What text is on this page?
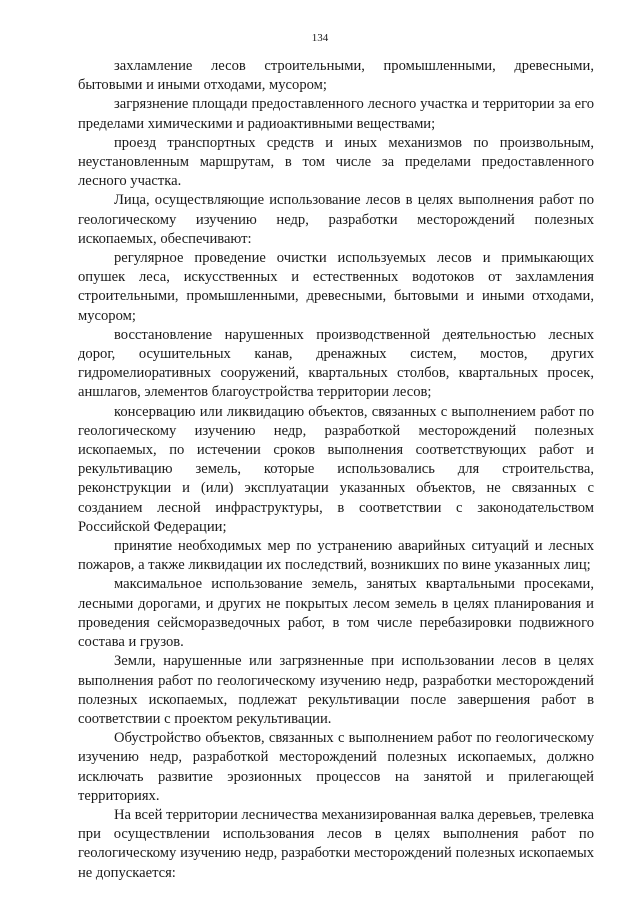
134

захламление лесов строительными, промышленными, древесными, бытовыми и иными отходами, мусором;

загрязнение площади предоставленного лесного участка и территории за его пределами химическими и радиоактивными веществами;

проезд транспортных средств и иных механизмов по произвольным, неустановленным маршрутам, в том числе за пределами предоставленного лесного участка.

Лица, осуществляющие использование лесов в целях выполнения работ по геологическому изучению недр, разработки месторождений полезных ископаемых, обеспечивают:

регулярное проведение очистки используемых лесов и примыкающих опушек леса, искусственных и естественных водотоков от захламления строительными, промышленными, древесными, бытовыми и иными отходами, мусором;

восстановление нарушенных производственной деятельностью лесных дорог, осушительных канав, дренажных систем, мостов, других гидромелиоративных сооружений, квартальных столбов, квартальных просек, аншлагов, элементов благоустройства территории лесов;

консервацию или ликвидацию объектов, связанных с выполнением работ по геологическому изучению недр, разработкой месторождений полезных ископаемых, по истечении сроков выполнения соответствующих работ и рекультивацию земель, которые использовались для строительства, реконструкции и (или) эксплуатации указанных объектов, не связанных с созданием лесной инфраструктуры, в соответствии с законодательством Российской Федерации;

принятие необходимых мер по устранению аварийных ситуаций и лесных пожаров, а также ликвидации их последствий, возникших по вине указанных лиц;

максимальное использование земель, занятых квартальными просеками, лесными дорогами, и других не покрытых лесом земель в целях планирования и проведения сейсморазведочных работ, в том числе перебазировки подвижного состава и грузов.

Земли, нарушенные или загрязненные при использовании лесов в целях выполнения работ по геологическому изучению недр, разработки месторождений полезных ископаемых, подлежат рекультивации после завершения работ в соответствии с проектом рекультивации.

Обустройство объектов, связанных с выполнением работ по геологическому изучению недр, разработкой месторождений полезных ископаемых, должно исключать развитие эрозионных процессов на занятой и прилегающей территориях.

На всей территории лесничества механизированная валка деревьев, трелевка при осуществлении использования лесов в целях выполнения работ по геологическому изучению недр, разработки месторождений полезных ископаемых не допускается:
